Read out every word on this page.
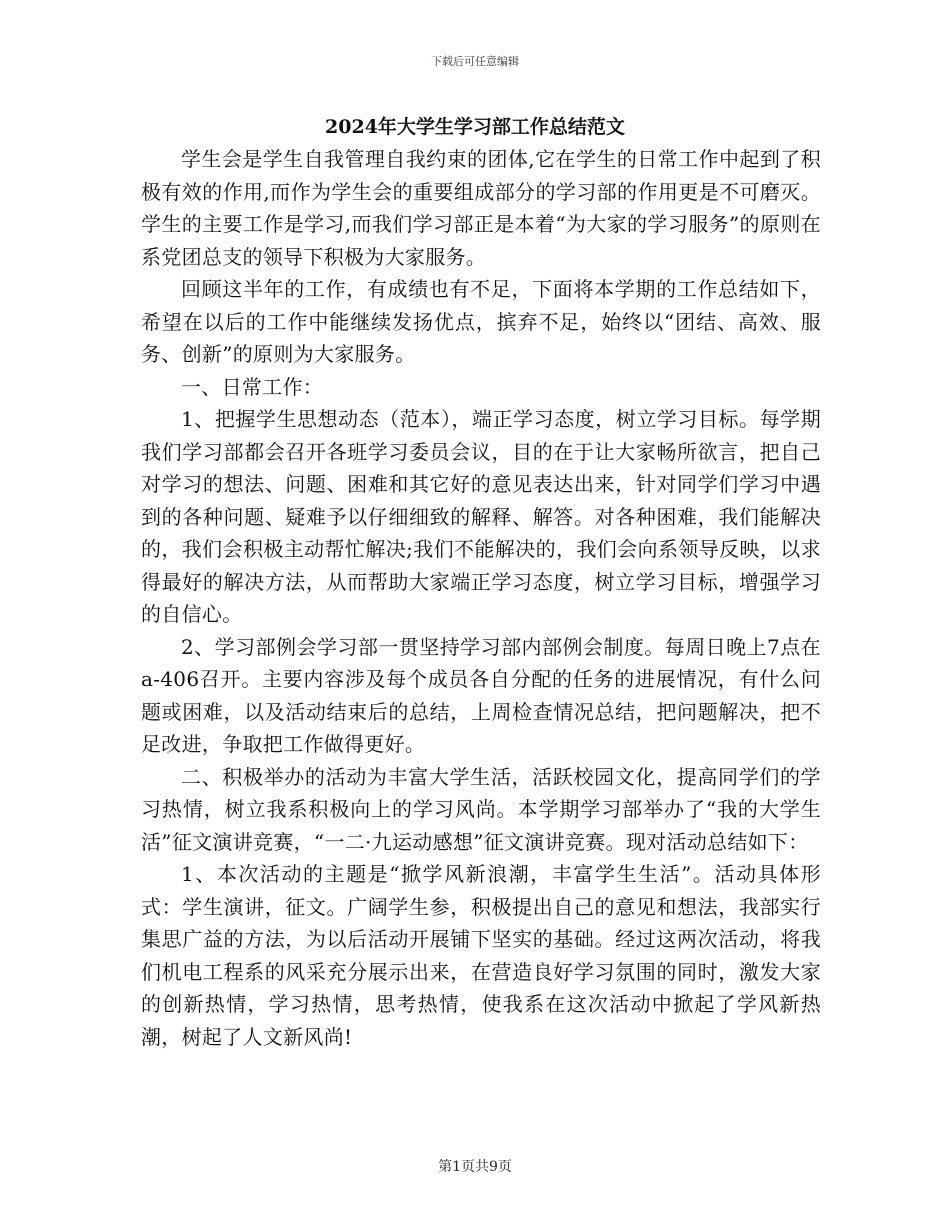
下载后可任意编辑
2024年大学生学习部工作总结范文

学生会是学生自我管理自我约束的团体,它在学生的日常工作中起到了积极有效的作用,而作为学生会的重要组成部分的学习部的作用更是不可磨灭。学生的主要工作是学习,而我们学习部正是本着“为大家的学习服务”的原则在系党团总支的领导下积极为大家服务。

回顾这半年的工作，有成绩也有不足，下面将本学期的工作总结如下，希望在以后的工作中能继续发扬优点，摈弃不足，始终以“团结、高效、服务、创新”的原则为大家服务。

一、日常工作：

1、把握学生思想动态（范本），端正学习态度，树立学习目标。每学期我们学习部都会召开各班学习委员会议，目的在于让大家畅所欲言，把自己对学习的想法、问题、困难和其它好的意见表达出来，针对同学们学习中遇到的各种问题、疑难予以仔细细致的解释、解答。对各种困难，我们能解决的，我们会积极主动帮忙解决;我们不能解决的，我们会向系领导反映，以求得最好的解决方法，从而帮助大家端正学习态度，树立学习目标，增强学习的自信心。

2、学习部例会学习部一贯坚持学习部内部例会制度。每周日晚上7点在a-406召开。主要内容涉及每个成员各自分配的任务的进展情况，有什么问题或困难，以及活动结束后的总结，上周检查情况总结，把问题解决，把不足改进，争取把工作做得更好。

二、积极举办的活动为丰富大学生活，活跃校园文化，提高同学们的学习热情，树立我系积极向上的学习风尚。本学期学习部举办了“我的大学生活”征文演讲竞赛，“一二·九运动感想”征文演讲竞赛。现对活动总结如下：

1、本次活动的主题是“掀学风新浪潮，丰富学生生活”。活动具体形式：学生演讲，征文。广阔学生参，积极提出自己的意见和想法，我部实行集思广益的方法，为以后活动开展铺下坚实的基础。经过这两次活动，将我们机电工程系的风采充分展示出来，在营造良好学习氛围的同时，激发大家的创新热情，学习热情，思考热情，使我系在这次活动中掀起了学风新热潮，树起了人文新风尚!

第1页共9页
